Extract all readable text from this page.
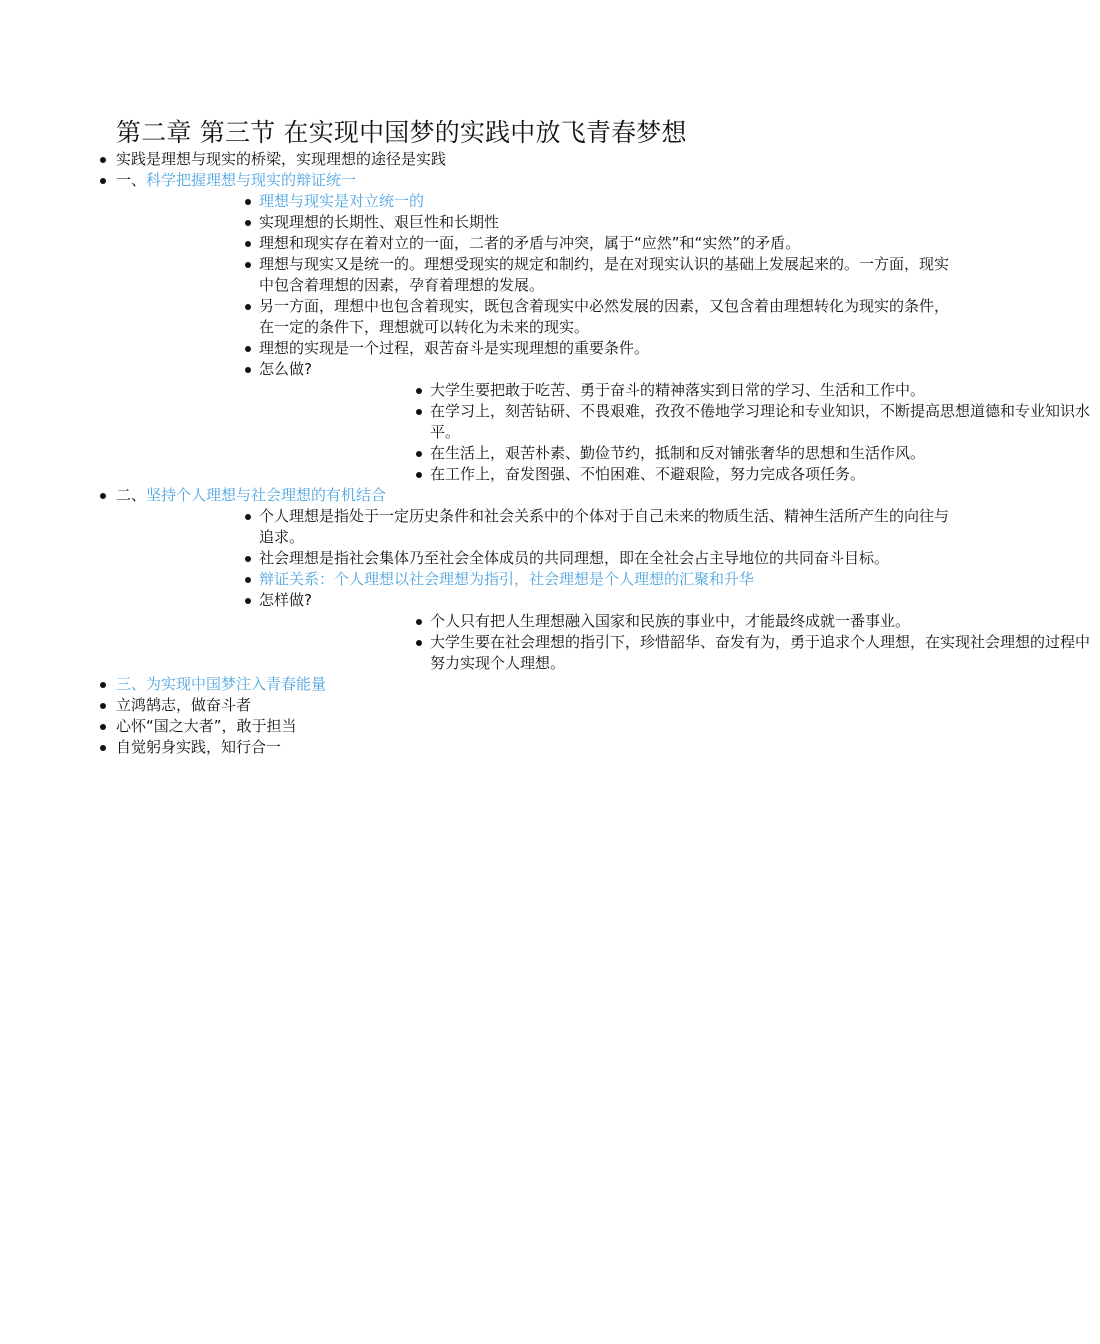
第二章 第三节 在实现中国梦的实践中放飞青春梦想
实践是理想与现实的桥梁，实现理想的途径是实践
一、科学把握理想与现实的辩证统一
理想与现实是对立统一的
实现理想的长期性、艰巨性和长期性
理想和现实存在着对立的一面，二者的矛盾与冲突，属于“应然”和“实然”的矛盾。
理想与现实又是统一的。理想受现实的规定和制约，是在对现实认识的基础上发展起来的。一方面，现实中包含着理想的因素，孕育着理想的发展。
另一方面，理想中也包含着现实，既包含着现实中必然发展的因素，又包含着由理想转化为现实的条件，在一定的条件下，理想就可以转化为未来的现实。
理想的实现是一个过程，艰苦奋斗是实现理想的重要条件。
怎么做?
大学生要把敢于吃苦、勇于奋斗的精神落实到日常的学习、生活和工作中。
在学习上，刻苦钻研、不畏艰难，孜孜不倦地学习理论和专业知识，不断提高思想道德和专业知识水平。
在生活上，艰苦朴素、勤俭节约，抵制和反对铺张奢华的思想和生活作风。
在工作上，奋发图强、不怕困难、不避艰险，努力完成各项任务。
二、坚持个人理想与社会理想的有机结合
个人理想是指处于一定历史条件和社会关系中的个体对于自己未来的物质生活、精神生活所产生的向往与追求。
社会理想是指社会集体乃至社会全体成员的共同理想，即在全社会占主导地位的共同奋斗目标。
辩证关系：个人理想以社会理想为指引，社会理想是个人理想的汇聚和升华
怎样做?
个人只有把人生理想融入国家和民族的事业中，才能最终成就一番事业。
大学生要在社会理想的指引下，珍惜韶华、奋发有为，勇于追求个人理想，在实现社会理想的过程中努力实现个人理想。
三、为实现中国梦注入青春能量
立鸿鹄志，做奋斗者
心怀“国之大者”，敢于担当
自觉躬身实践，知行合一
